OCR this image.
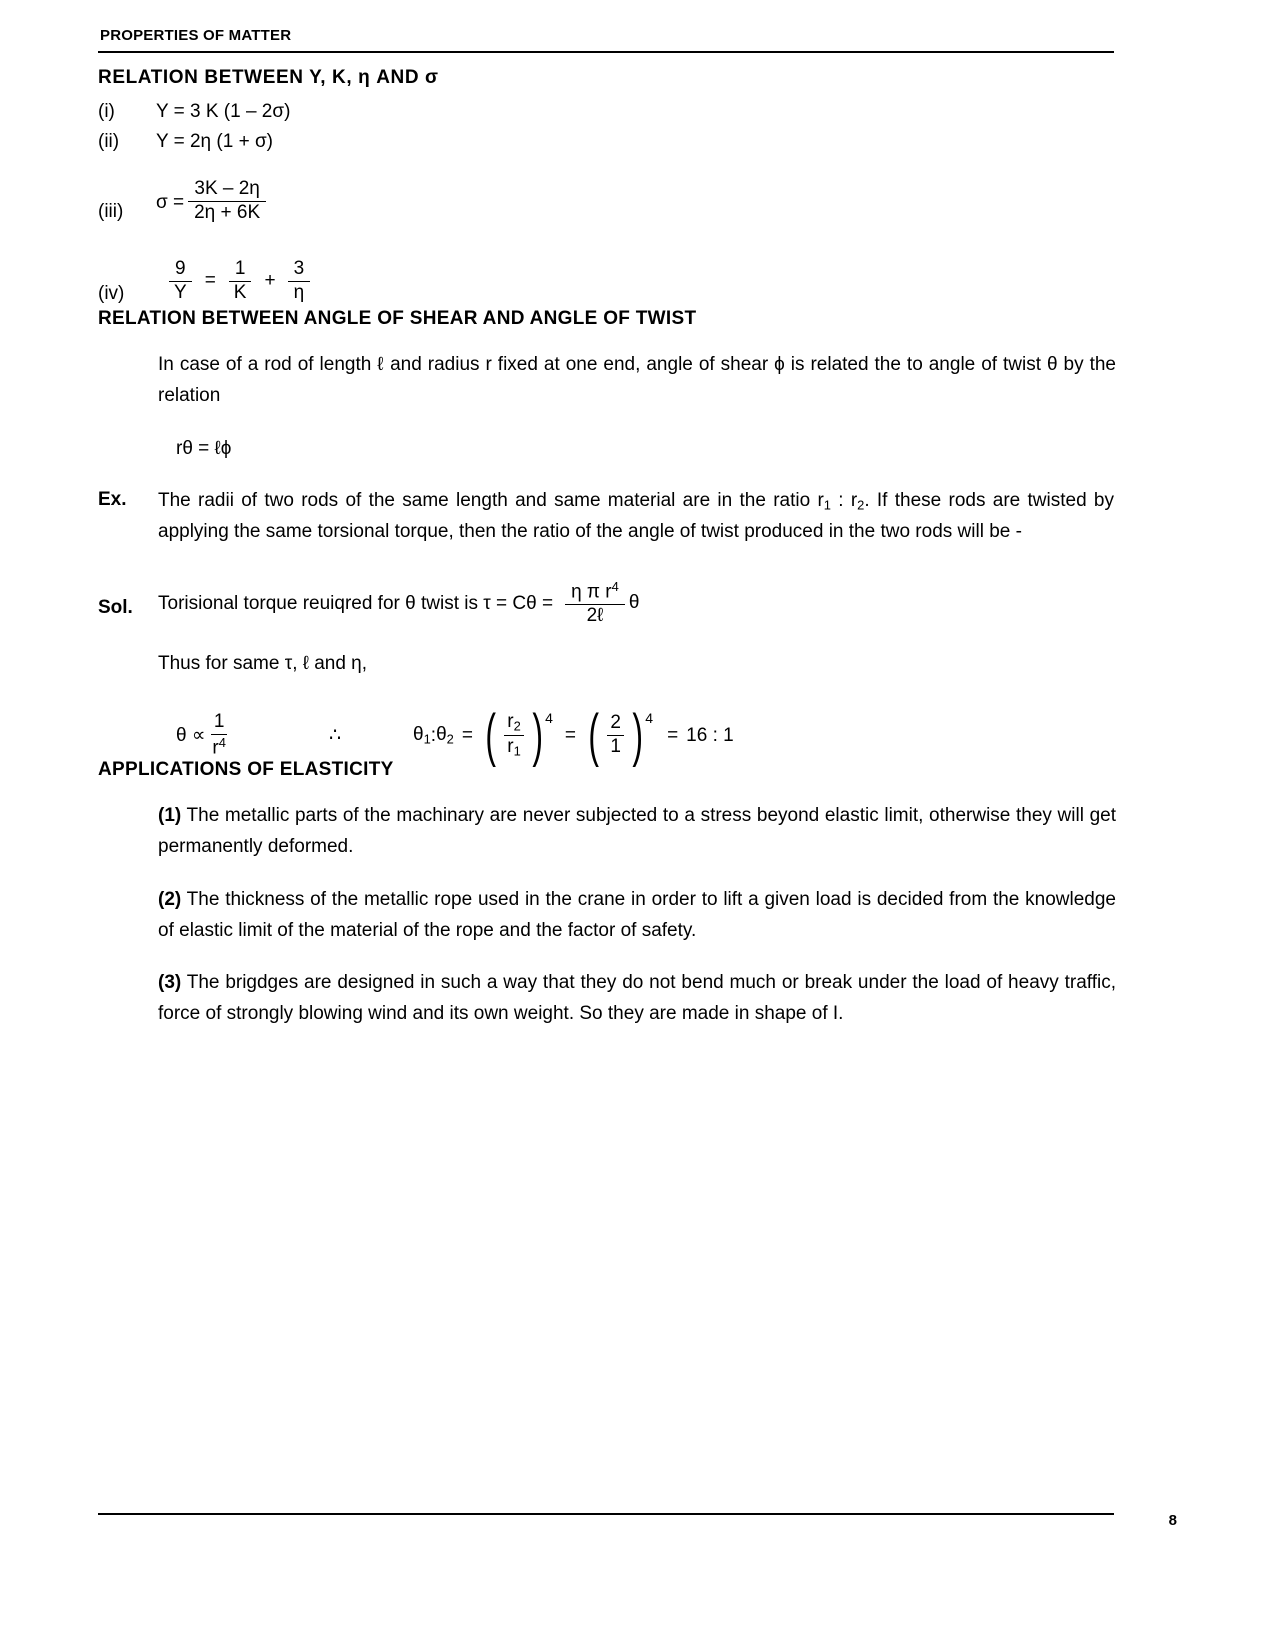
PROPERTIES OF MATTER
RELATION BETWEEN Y, K, η AND σ
(i)	Y = 3 K (1 – 2σ)
(ii)	Y = 2η (1 + σ)
(iii)	$\sigma = \frac{3K - 2\eta}{2\eta + 6K}$
(iv)	$\frac{9}{Y} = \frac{1}{K} + \frac{3}{\eta}$
RELATION BETWEEN ANGLE OF SHEAR AND ANGLE OF TWIST
In case of a rod of length ℓ and radius r fixed at one end, angle of shear ϕ is related the to angle of twist θ by the relation
rθ = ℓϕ
Ex.	The radii of two rods of the same length and same material are in the ratio $r_1$ : $r_2$. If these rods are twisted by applying the same torsional torque, then the ratio of the angle of twist produced in the two rods will be -
Sol.	Torisional torque reuiqred for θ twist is $\tau = C\theta = \frac{\eta \pi r^4}{\text{2ℓ}}$ θ
Thus for same τ, ℓ and η,
$\theta \propto \frac{1}{r^4}$	∴	$\theta_1$ : $\theta_2$ = ( $\frac{r_2}{r_1}$ ) 4
= ( $\frac{2}{1}$ ) 4
= 16 : 1
APPLICATIONS OF ELASTICITY
(1) The metallic parts of the machinary are never subjected to a stress beyond elastic limit, otherwise they will get permanently deformed.
(2) The thickness of the metallic rope used in the crane in order to lift a given load is decided from the knowledge of elastic limit of the material of the rope and the factor of safety.
(3) The brigdges are designed in such a way that they do not bend much or break under the load of heavy traffic, force of strongly blowing wind and its own weight. So they are made in shape of I.
8
